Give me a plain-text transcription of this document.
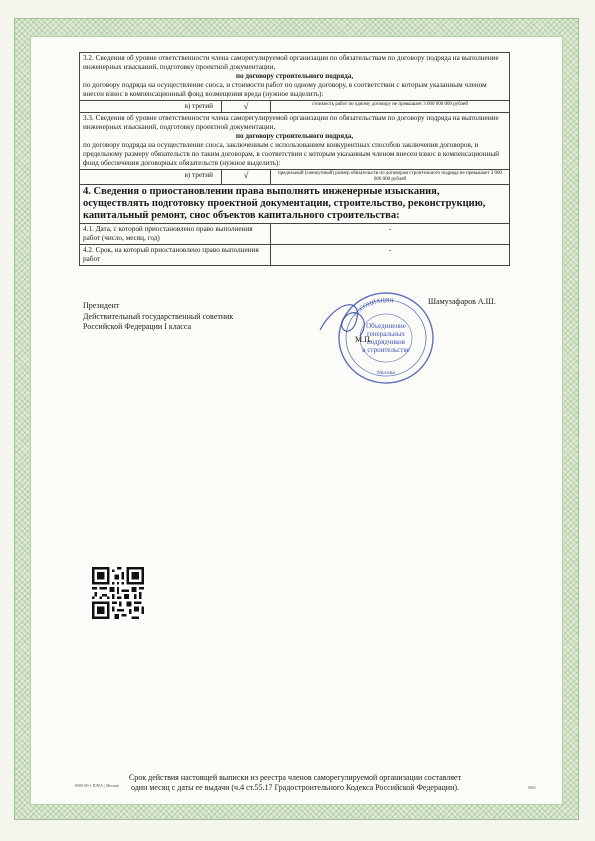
3.2. Сведения об уровне ответственности члена саморегулируемой организации по обязательствам по договору подряда на выполнение инженерных изысканий, подготовку проектной документации,
по договору строительного подряда,
по договору подряда на осуществление сноса, и стоимости работ по одному договору, в соответствии с которым указанным членом внесен взнос в компенсационный фонд возмещения вреда (нужное выделить):		

в) третий	√	стоимость работ по одному договору не превышает 3 000 000 000 рублей

3.3. Сведения об уровне ответственности члена саморегулируемой организации по обязательствам по договору подряда на выполнение инженерных изысканий, подготовку проектной документации,
по договору строительного подряда,
по договору подряда на осуществление сноса, заключенным с использованием конкурентных способов заключения договоров, и предельному размеру обязательств по таким договорам, в соответствии с которым указанным членом внесен взнос в компенсационный фонд обеспечения договорных обязательств (нужное выделить):		

в) третий	√	предельный (совокупный) размер обязательств по договорам строительного подряда не превышает 3 000 000 000 рублей
4. Сведения о приостановлении права выполнять инженерные изыскания, осуществлять подготовку проектной документации, строительство, реконструкцию, капитальный ремонт, снос объектов капитального строительства:		
4.1. Дата, с которой приостановлено право выполнения работ (число, месяц, год)		-
4.2. Срок, на который приостановлено право выполнения работ		-
Президент
Действительный государственный советник
Российской Федерации I класса
Шамузафаров А.Ш.
АССОЦИАЦИЯ
Объединение
генеральных
подрядчиков
в строительстве
Москва
М.П.
Срок действия настоящей выписки из реестра членов саморегулируемой организации составляет
один месяц с даты ее выдачи (ч.4 ст.55.17 Градостроительного Кодекса Российской Федерации).
0000-00-1 ПЛ0А | Москва	0001
